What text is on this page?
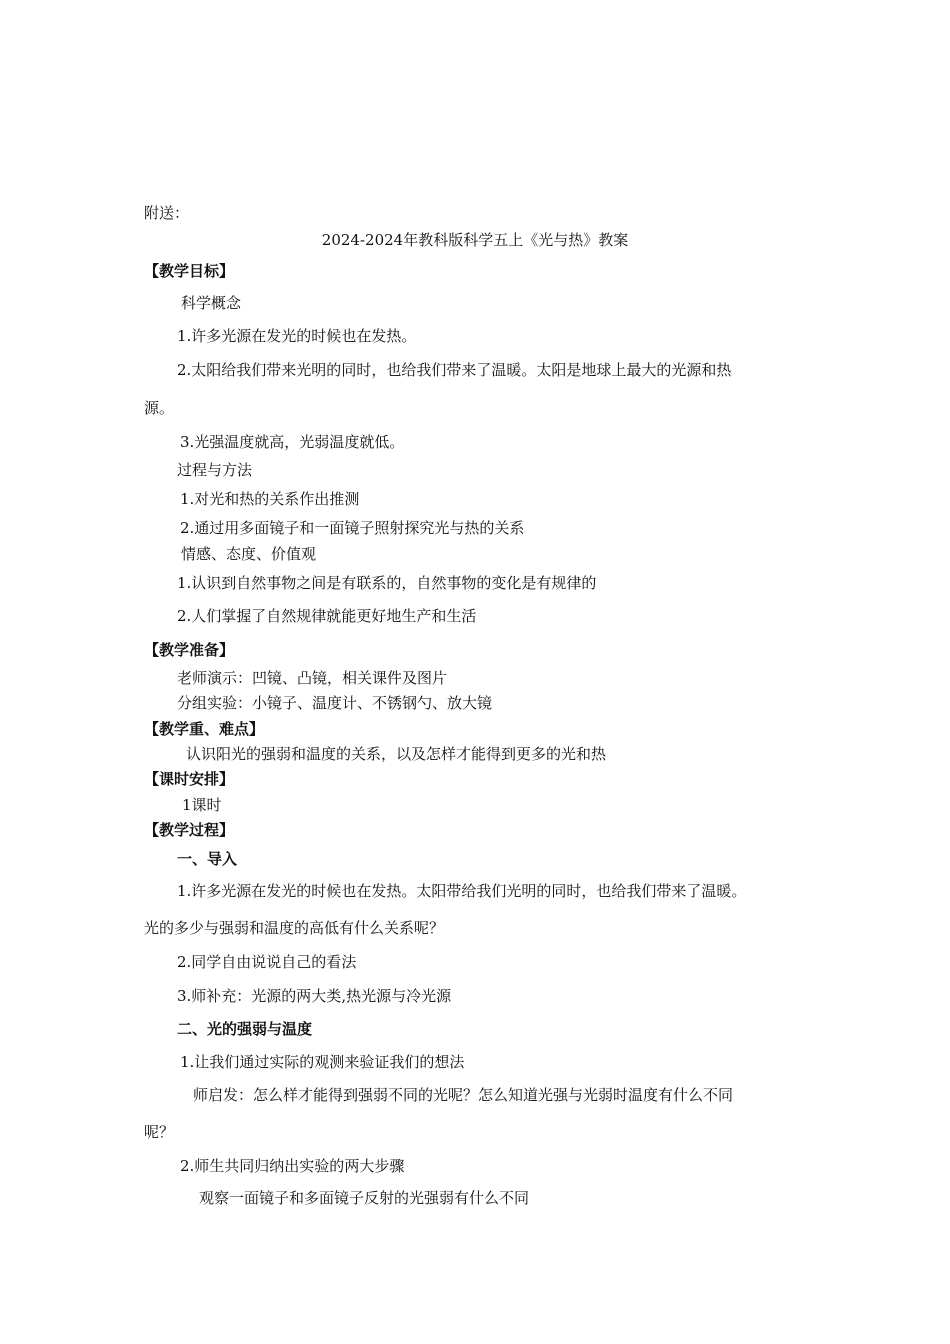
附送：
2024-2024年教科版科学五上《光与热》教案
【教学目标】
科学概念
1.许多光源在发光的时候也在发热。
2.太阳给我们带来光明的同时，也给我们带来了温暖。太阳是地球上最大的光源和热
源。
3.光强温度就高，光弱温度就低。
过程与方法
1.对光和热的关系作出推测
2.通过用多面镜子和一面镜子照射探究光与热的关系
情感、态度、价值观
1.认识到自然事物之间是有联系的，自然事物的变化是有规律的
2.人们掌握了自然规律就能更好地生产和生活
【教学准备】
老师演示：凹镜、凸镜，相关课件及图片
分组实验：小镜子、温度计、不锈钢勺、放大镜
【教学重、难点】
认识阳光的强弱和温度的关系，以及怎样才能得到更多的光和热
【课时安排】
1课时
【教学过程】
一、导入
1.许多光源在发光的时候也在发热。太阳带给我们光明的同时，也给我们带来了温暖。
光的多少与强弱和温度的高低有什么关系呢？
2.同学自由说说自己的看法
3.师补充：光源的两大类,热光源与冷光源
二、光的强弱与温度
1.让我们通过实际的观测来验证我们的想法
师启发：怎么样才能得到强弱不同的光呢？怎么知道光强与光弱时温度有什么不同
呢？
2.师生共同归纳出实验的两大步骤
观察一面镜子和多面镜子反射的光强弱有什么不同
